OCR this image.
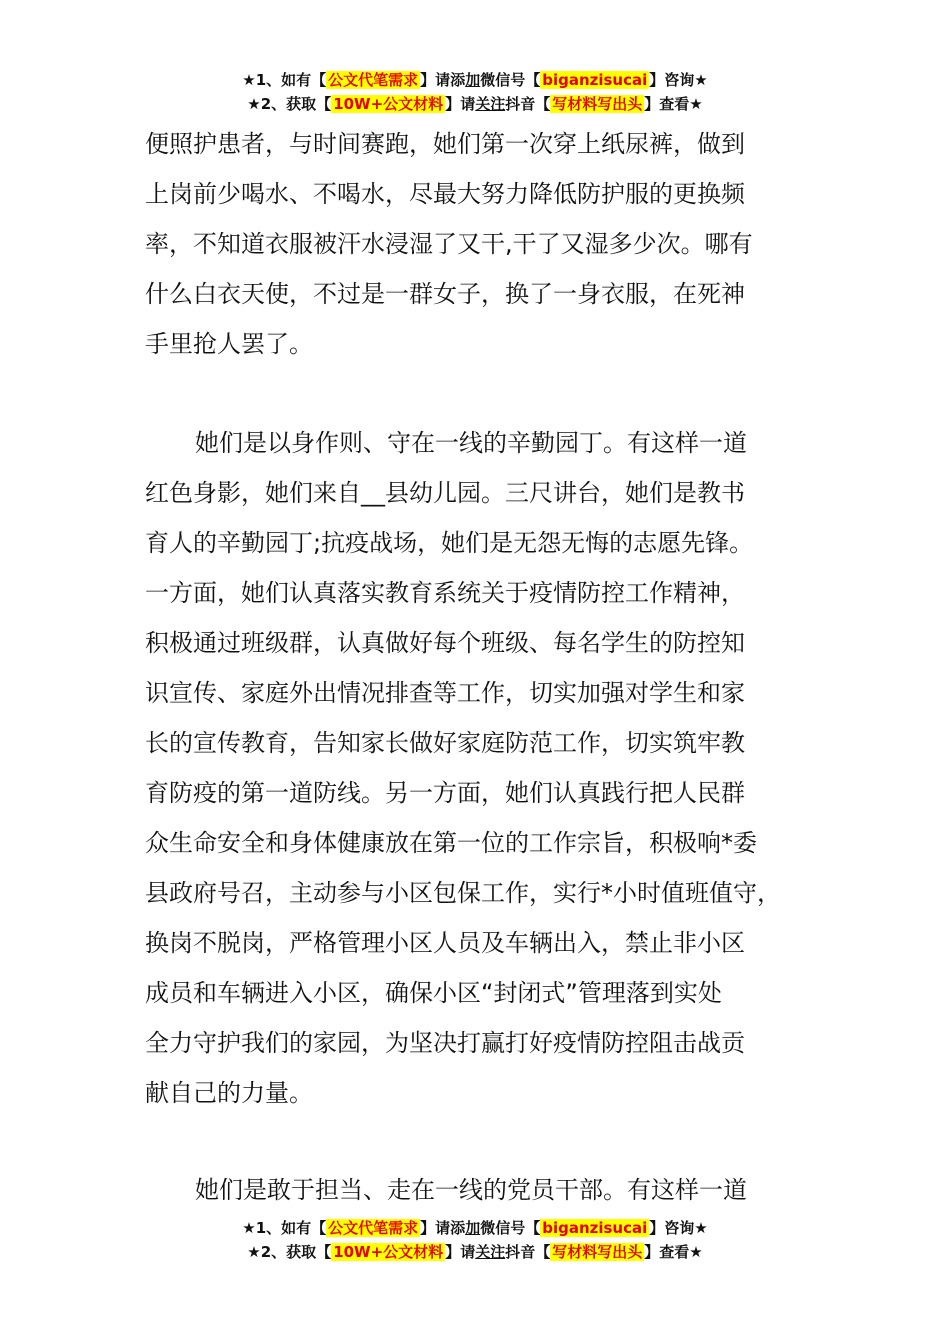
★1、如有【 公文代笔需求 】请添加微信号【 biganzisucai 】咨询★
★2、获取【 10W+公文材料 】请关注抖音【 写材料写出头 】查看★
便照护患者，与时间赛跑，她们第一次穿上纸尿裤，做到
上岗前少喝水、不喝水，尽最大努力降低防护服的更换频
率，不知道衣服被汗水浸湿了又干,干了又湿多少次。哪有
什么白衣天使，不过是一群女子，换了一身衣服，在死神
手里抢人罢了。
她们是以身作则、守在一线的辛勤园丁。有这样一道
红色身影，她们来自__县幼儿园。三尺讲台，她们是教书
育人的辛勤园丁;抗疫战场，她们是无怨无悔的志愿先锋。
一方面，她们认真落实教育系统关于疫情防控工作精神，
积极通过班级群，认真做好每个班级、每名学生的防控知
识宣传、家庭外出情况排查等工作，切实加强对学生和家
长的宣传教育，告知家长做好家庭防范工作，切实筑牢教
育防疫的第一道防线。另一方面，她们认真践行把人民群
众生命安全和身体健康放在第一位的工作宗旨，积极响*委
县政府号召，主动参与小区包保工作，实行*小时值班值守，
换岗不脱岗，严格管理小区人员及车辆出入，禁止非小区
成员和车辆进入小区，确保小区“封闭式”管理落到实处
全力守护我们的家园，为坚决打赢打好疫情防控阻击战贡
献自己的力量。
她们是敢于担当、走在一线的党员干部。有这样一道
★1、如有【 公文代笔需求 】请添加微信号【 biganzisucai 】咨询★
★2、获取【 10W+公文材料 】请关注抖音【 写材料写出头 】查看★
